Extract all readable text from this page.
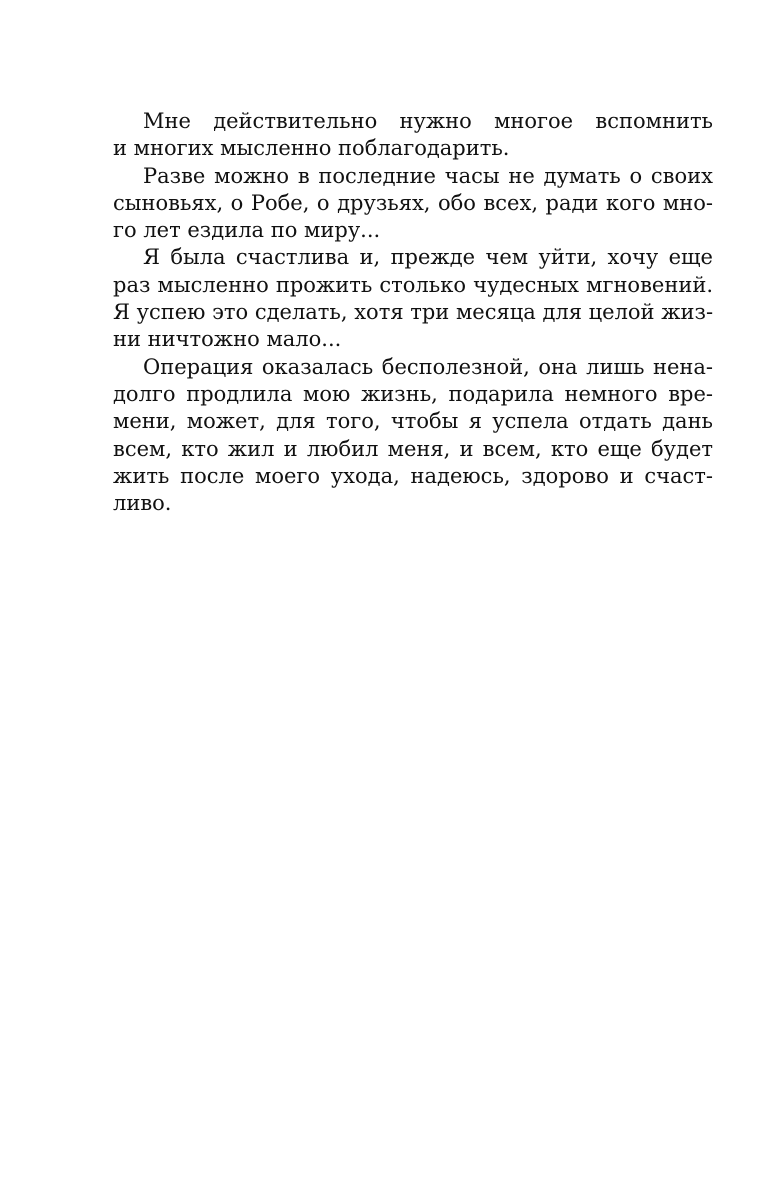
Мне действительно нужно многое вспомнить
и многих мысленно поблагодарить.
Разве можно в последние часы не думать о своих
сыновьях, о Робе, о друзьях, обо всех, ради кого мно-
го лет ездила по миру...
Я была счастлива и, прежде чем уйти, хочу еще
раз мысленно прожить столько чудесных мгновений.
Я успею это сделать, хотя три месяца для целой жиз-
ни ничтожно мало...
Операция оказалась бесполезной, она лишь нена-
долго продлила мою жизнь, подарила немного вре-
мени, может, для того, чтобы я успела отдать дань
всем, кто жил и любил меня, и всем, кто еще будет
жить после моего ухода, надеюсь, здорово и счаст-
ливо.
